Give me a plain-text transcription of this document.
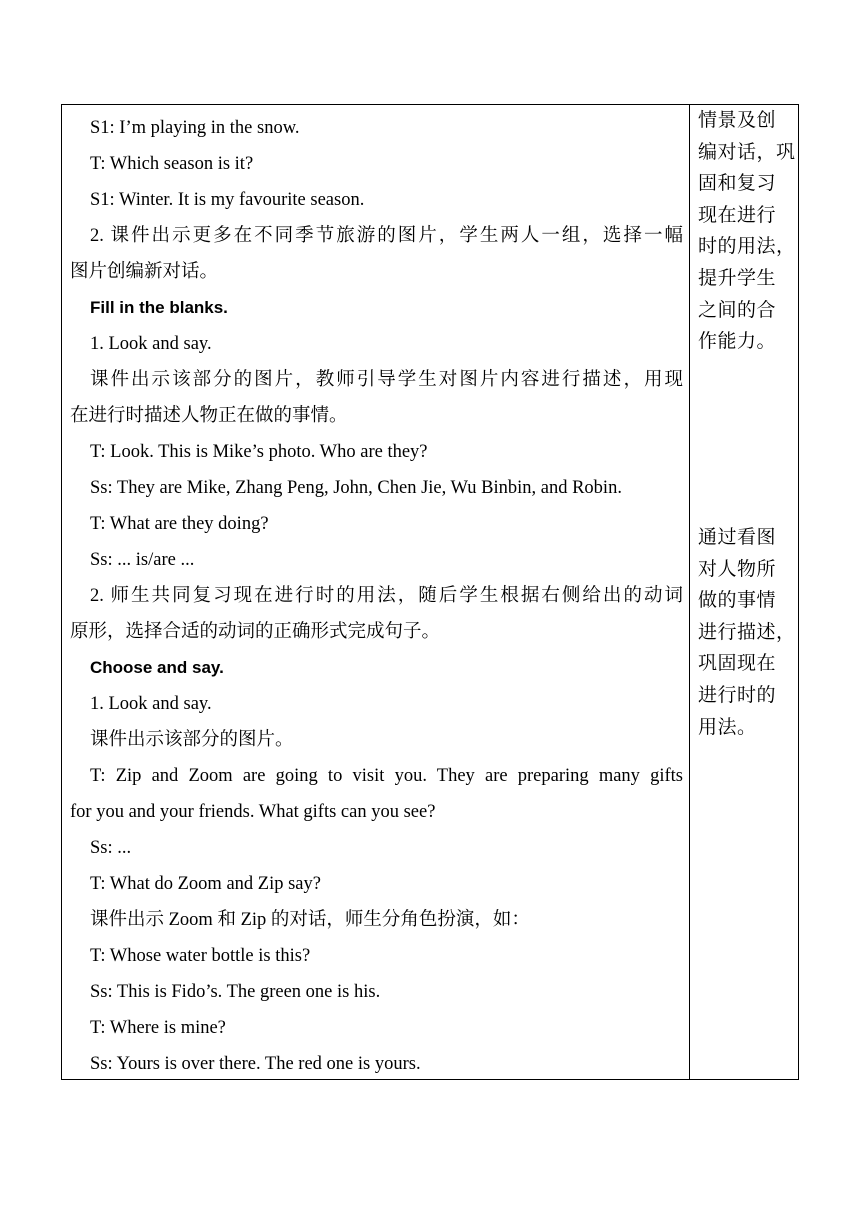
S1: I’m playing in the snow.
T: Which season is it?
S1: Winter. It is my favourite season.
2. 课件出示更多在不同季节旅游的图片，学生两人一组，选择一幅
图片创编新对话。
Fill in the blanks.
1. Look and say.
课件出示该部分的图片，教师引导学生对图片内容进行描述，用现
在进行时描述人物正在做的事情。
T: Look. This is Mike’s photo. Who are they?
Ss: They are Mike, Zhang Peng, John, Chen Jie, Wu Binbin, and Robin.
T: What are they doing?
Ss: ... is/are ...
2. 师生共同复习现在进行时的用法，随后学生根据右侧给出的动词
原形，选择合适的动词的正确形式完成句子。
Choose and say.
1. Look and say.
课件出示该部分的图片。
T: Zip and Zoom are going to visit you. They are preparing many gifts
for you and your friends. What gifts can you see?
Ss: ...
T: What do Zoom and Zip say?
课件出示 Zoom 和 Zip 的对话，师生分角色扮演，如：
T: Whose water bottle is this?
Ss: This is Fido’s. The green one is his.
T: Where is mine?
Ss: Yours is over there. The red one is yours.
情景及创
编对话，巩
固和复习
现在进行
时的用法，
提升学生
之间的合
作能力。
通过看图
对人物所
做的事情
进行描述，
巩固现在
进行时的
用法。
